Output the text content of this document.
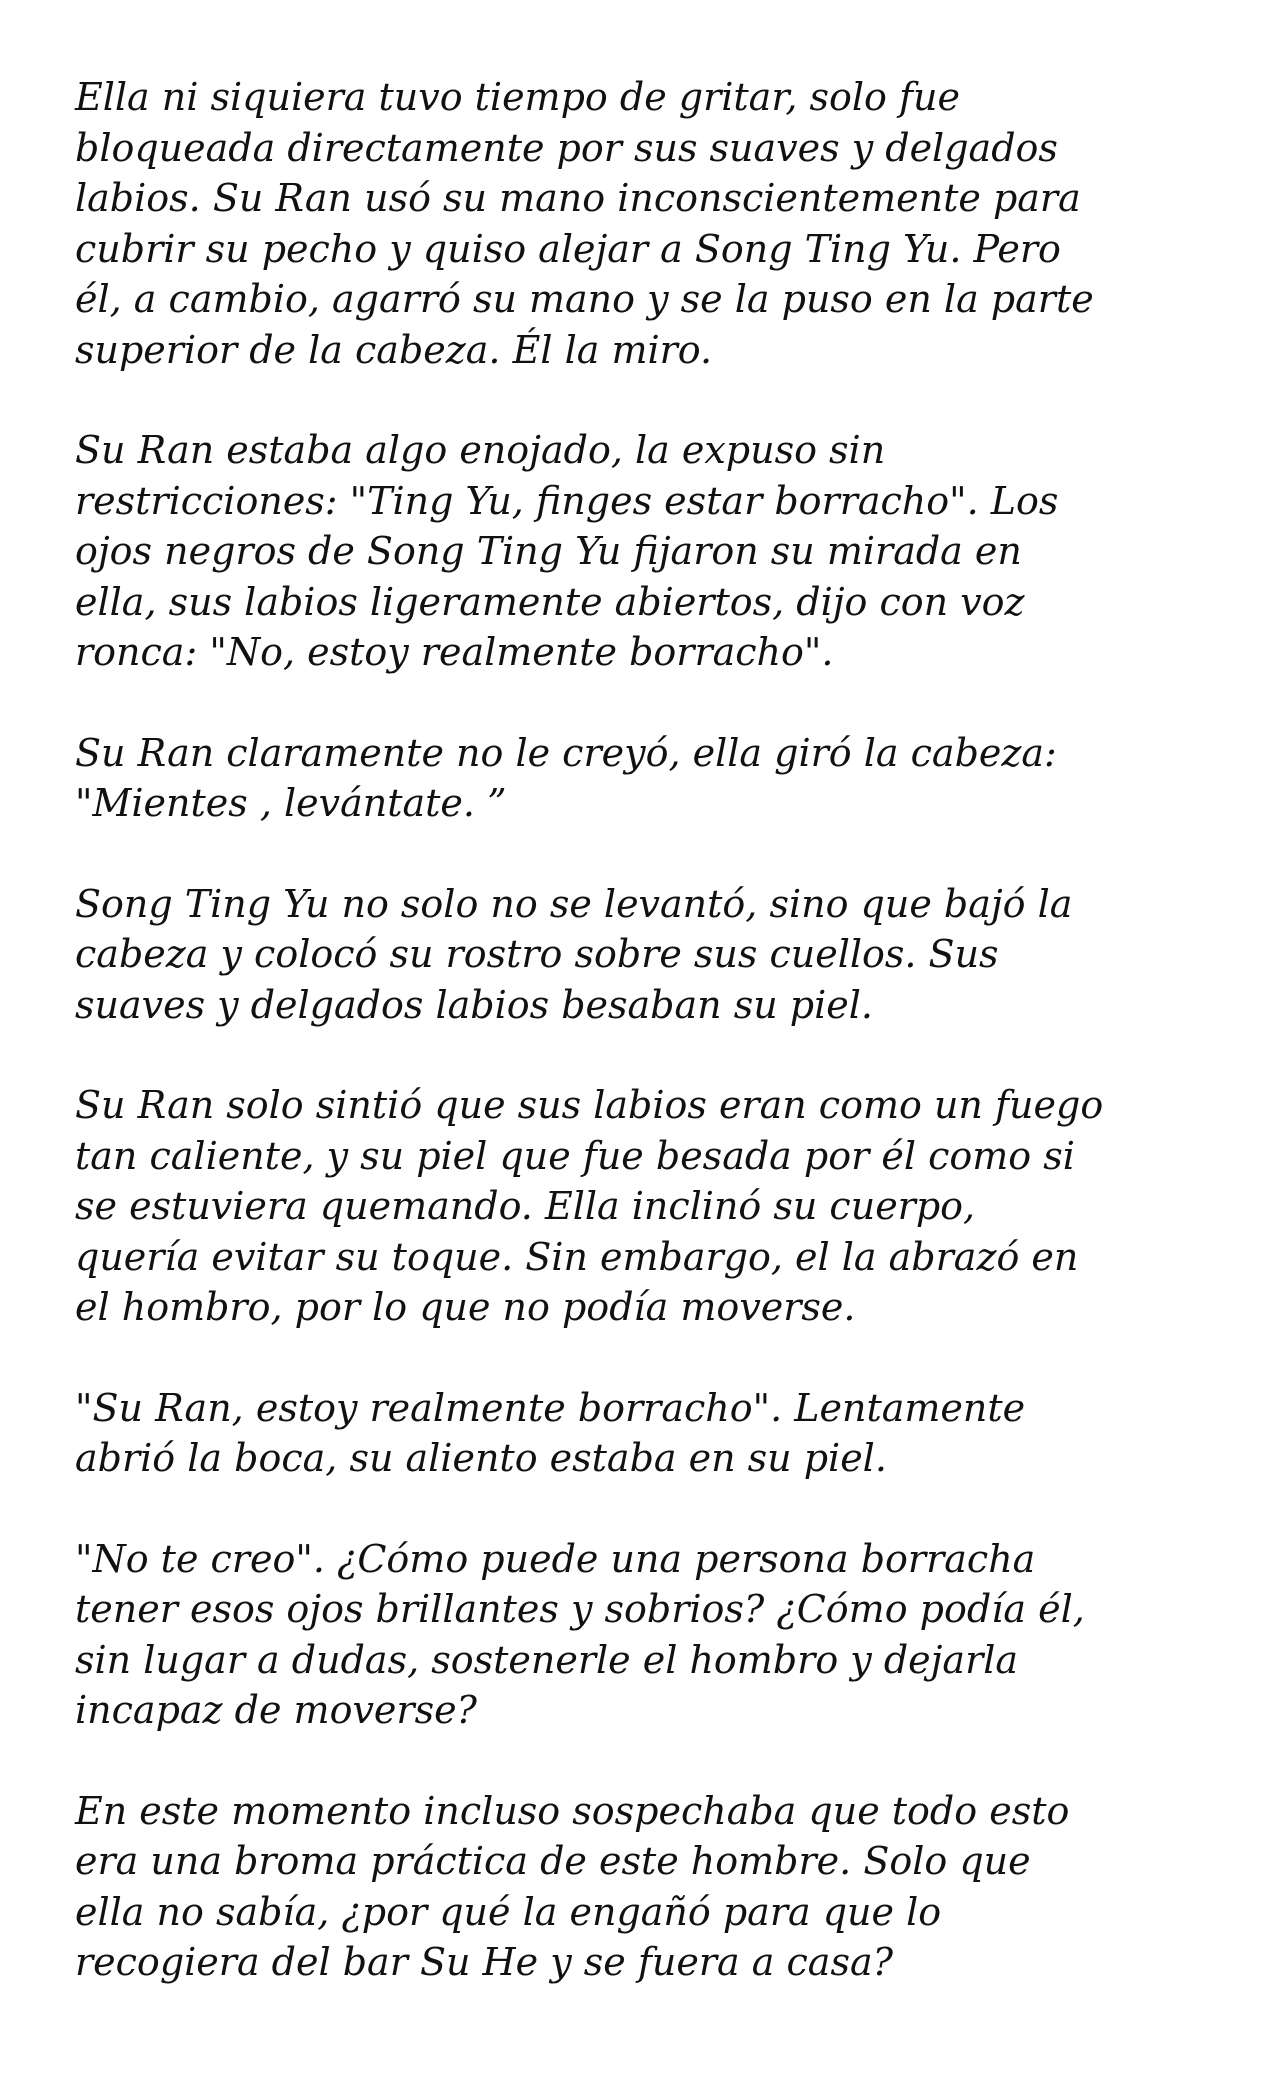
Ella ni siquiera tuvo tiempo de gritar, solo fue
bloqueada directamente por sus suaves y delgados
labios. Su Ran usó su mano inconscientemente para
cubrir su pecho y quiso alejar a Song Ting Yu. Pero
él, a cambio, agarró su mano y se la puso en la parte
superior de la cabeza. Él la miro.

Su Ran estaba algo enojado, la expuso sin
restricciones: "Ting Yu, finges estar borracho". Los
ojos negros de Song Ting Yu fijaron su mirada en
ella, sus labios ligeramente abiertos, dijo con voz
ronca: "No, estoy realmente borracho".

Su Ran claramente no le creyó, ella giró la cabeza:
"Mientes , levántate. ”

Song Ting Yu no solo no se levantó, sino que bajó la
cabeza y colocó su rostro sobre sus cuellos. Sus
suaves y delgados labios besaban su piel.

Su Ran solo sintió que sus labios eran como un fuego
tan caliente, y su piel que fue besada por él como si
se estuviera quemando. Ella inclinó su cuerpo,
quería evitar su toque. Sin embargo, el la abrazó en
el hombro, por lo que no podía moverse.

"Su Ran, estoy realmente borracho". Lentamente
abrió la boca, su aliento estaba en su piel.

"No te creo". ¿Cómo puede una persona borracha
tener esos ojos brillantes y sobrios? ¿Cómo podía él,
sin lugar a dudas, sostenerle el hombro y dejarla
incapaz de moverse?

En este momento incluso sospechaba que todo esto
era una broma práctica de este hombre. Solo que
ella no sabía, ¿por qué la engañó para que lo
recogiera del bar Su He y se fuera a casa?
